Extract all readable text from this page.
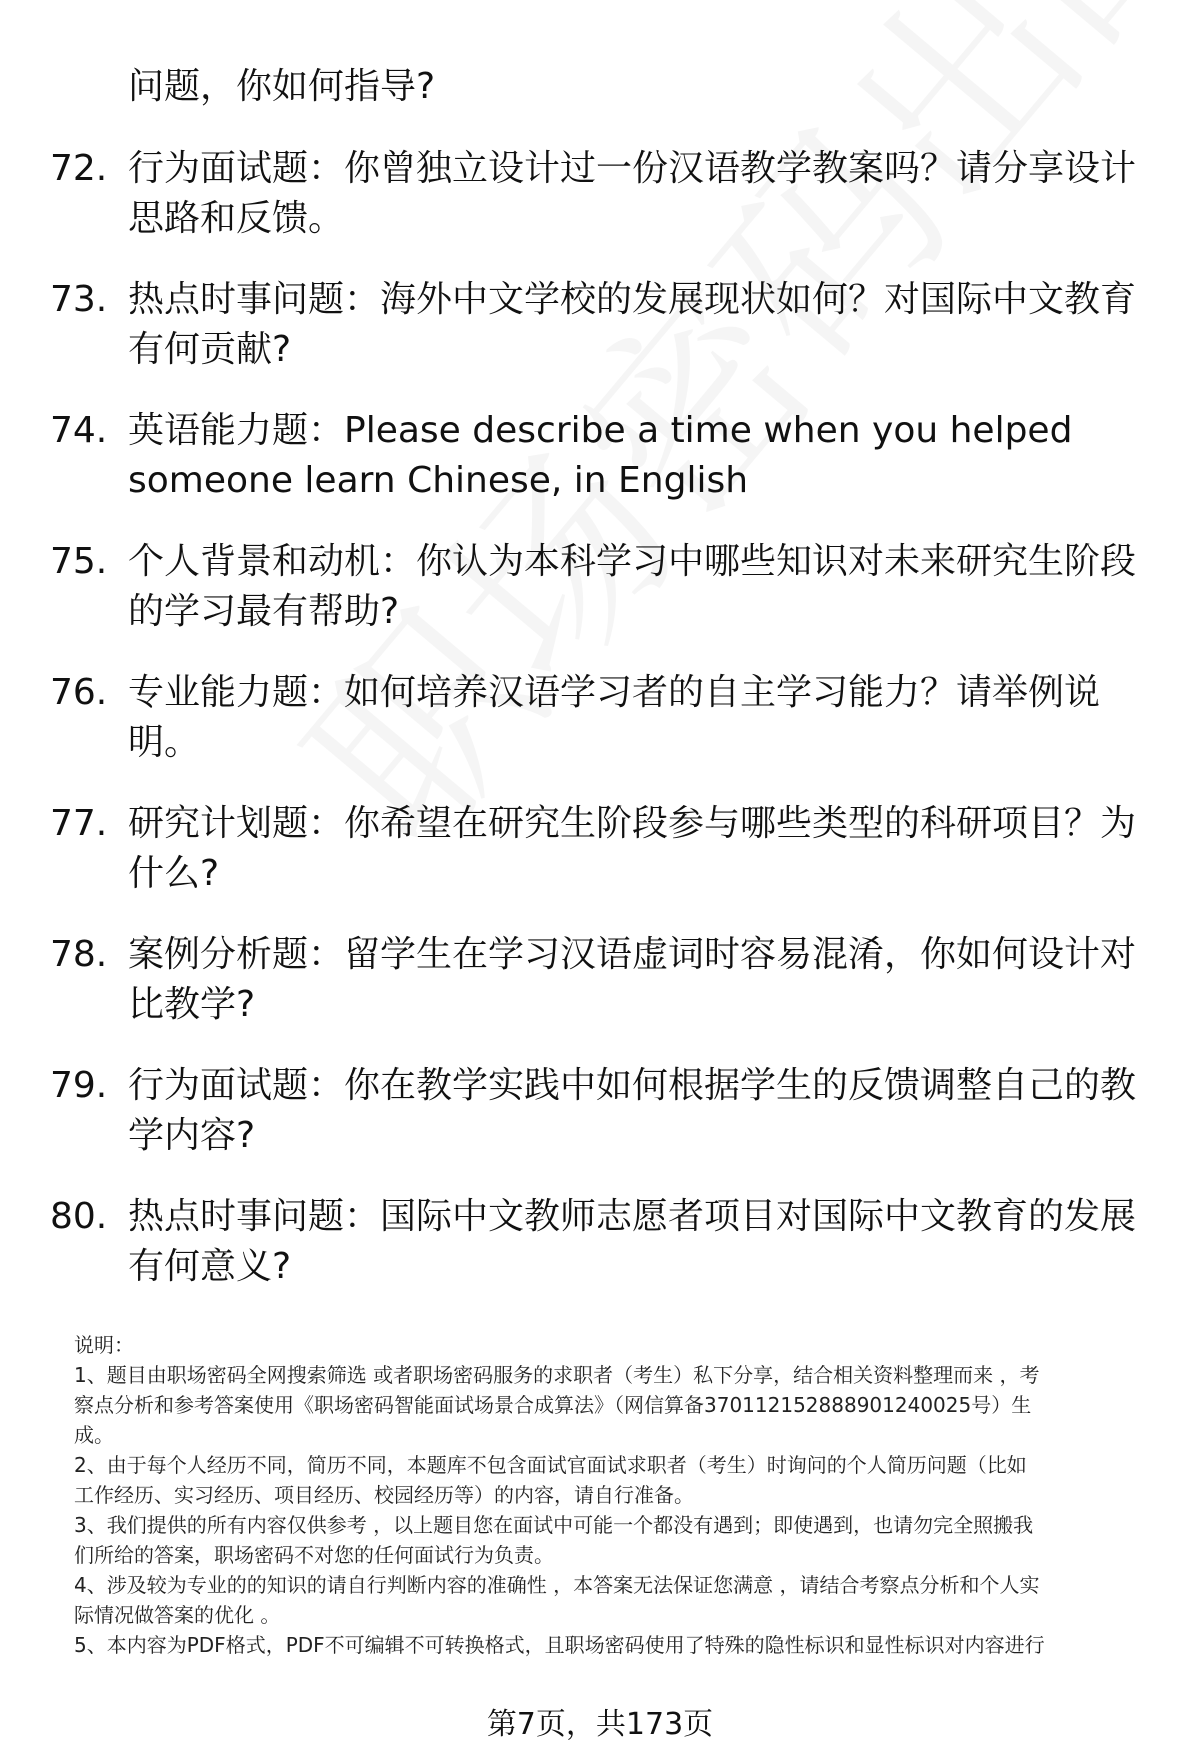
问题，你如何指导?
72. 行为面试题：你曾独立设计过一份汉语教学教案吗？请分享设计
思路和反馈。
73. 热点时事问题：海外中文学校的发展现状如何？对国际中文教育
有何贡献?
74. 英语能力题：Please describe a time when you helped
someone learn Chinese, in English
75. 个人背景和动机：你认为本科学习中哪些知识对未来研究生阶段
的学习最有帮助?
76. 专业能力题：如何培养汉语学习者的自主学习能力？请举例说
明。
77. 研究计划题：你希望在研究生阶段参与哪些类型的科研项目？为
什么?
78. 案例分析题：留学生在学习汉语虚词时容易混淆，你如何设计对
比教学?
79. 行为面试题：你在教学实践中如何根据学生的反馈调整自己的教
学内容?
80. 热点时事问题：国际中文教师志愿者项目对国际中文教育的发展
有何意义?
说明：
1、题目由职场密码全网搜索筛选 或者职场密码服务的求职者（考生）私下分享，结合相关资料整理而来 ，考
察点分析和参考答案使用《职场密码智能面试场景合成算法》（网信算备370112152888901240025号）生
成。
2、由于每个人经历不同，简历不同，本题库不包含面试官面试求职者（考生）时询问的个人简历问题（比如
工作经历、实习经历、项目经历、校园经历等）的内容，请自行准备。
3、我们提供的所有内容仅供参考 ，以上题目您在面试中可能一个都没有遇到；即使遇到，也请勿完全照搬我
们所给的答案，职场密码不对您的任何面试行为负责。
4、涉及较为专业的的知识的请自行判断内容的准确性 ，本答案无法保证您满意 ，请结合考察点分析和个人实
际情况做答案的优化 。
5、本内容为PDF格式，PDF不可编辑不可转换格式，且职场密码使用了特殊的隐性标识和显性标识对内容进行
第7页，共173页
